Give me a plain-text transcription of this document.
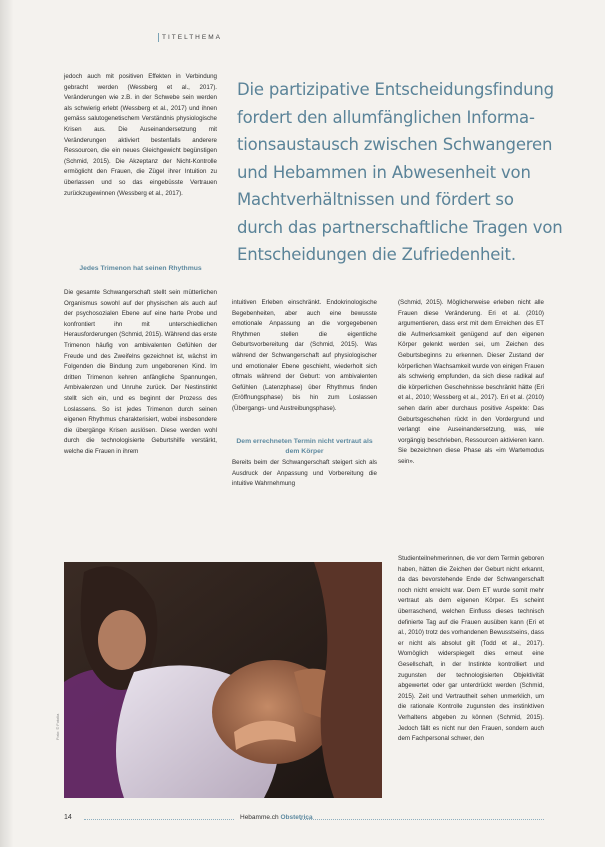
TITELTHEMA

jedoch auch mit positiven Effekten in Verbindung gebracht werden (Wessberg et al., 2017). Veränderungen wie z.B. in der Schwebe sein werden als schwierig erlebt (Wessberg et al., 2017) und ihnen gemäss salutogenetischem Verständnis physiologische Krisen aus. Die Auseinandersetzung mit Veränderungen aktiviert bestenfalls anderere Ressourcen, die ein neues Gleichgewicht begünstigen (Schmid, 2015). Die Akzeptanz der Nicht-Kontrolle ermöglicht den Frauen, die Zügel ihrer Intuition zu überlassen und so das eingebüsste Vertrauen zurückzugewinnen (Wessberg et al., 2017).

Die partizipative Entscheidungsfindung
fordert den allumfänglichen Informa-
tionsaustausch zwischen Schwangeren
und Hebammen in Abwesenheit von
Machtverhältnissen und fördert so
durch das partnerschaftliche Tragen von
Entscheidungen die Zufriedenheit.
Jedes Trimenon hat seinen Rhythmus

Die gesamte Schwangerschaft stellt sein mütterlichen Organismus sowohl auf der physischen als auch auf der psychosozialen Ebene auf eine harte Probe und konfrontiert ihn mit unterschiedlichen Herausforderungen (Schmid, 2015). Während das erste Trimenon häufig von ambivalenten Gefühlen der Freude und des Zweifelns gezeichnet ist, wächst im Folgenden die Bindung zum ungeborenen Kind. Im dritten Trimenon kehren anfängliche Spannungen, Ambivalenzen und Unruhe zurück. Der Nestinstinkt stellt sich ein, und es beginnt der Prozess des Loslassens. So ist jedes Trimenon durch seinen eigenen Rhythmus charakterisiert, wobei insbesondere die übergänge Krisen auslösen. Diese werden wohl durch die technologisierte Geburtshilfe verstärkt, welche die Frauen in ihrem

intuitiven Erleben einschränkt. Endokrinologische Begebenheiten, aber auch eine bewusste emotionale Anpassung an die vorgegebenen Rhythmen stellen die eigentliche Geburtsvorbereitung dar (Schmid, 2015). Was während der Schwangerschaft auf physiologischer und emotionaler Ebene geschieht, wiederholt sich oftmals während der Geburt: von ambivalenten Gefühlen (Latenzphase) über Rhythmus finden (Eröffnungsphase) bis hin zum Loslassen (Übergangs- und Austreibungsphase).

Dem errechneten Termin nicht vertraut als dem Körper

Bereits beim der Schwangerschaft steigert sich als Ausdruck der Anpassung und Vorbereitung die intuitive Wahrnehmung

(Schmid, 2015). Möglicherweise erleben nicht alle Frauen diese Veränderung. Eri et al. (2010) argumentieren, dass erst mit dem Erreichen des ET die Aufmerksamkeit genügend auf den eigenen Körper gelenkt werden sei, um Zeichen des Geburtsbeginns zu erkennen. Dieser Zustand der körperlichen Wachsamkeit wurde von einigen Frauen als schwierig empfunden, da sich diese radikal auf die körperlichen Geschehnisse beschränkt hätte (Eri et al., 2010; Wessberg et al., 2017). Eri et al. (2010) sehen darin aber durchaus positive Aspekte: Das Geburtsgeschehen rückt in den Vordergrund und verlangt eine Auseinandersetzung, was, wie vorgängig beschrieben, Ressourcen aktivieren kann. Sie bezeichnen diese Phase als «im Wartemodus sein».

Studienteilnehmerinnen, die vor dem Termin geboren haben, hätten die Zeichen der Geburt nicht erkannt, da das bevorstehende Ende der Schwangerschaft noch nicht erreicht war. Dem ET wurde somit mehr vertraut als dem eigenen Körper. Es scheint überraschend, welchen Einfluss dieses technisch definierte Tag auf die Frauen ausüben kann (Eri et al., 2010) trotz des vorhandenen Bewusstseins, dass er nicht als absolut gilt (Todd et al., 2017). Womöglich widerspiegelt dies erneut eine Gesellschaft, in der Instinkte kontrolliert und zugunsten der technologisierten Objektivität abgewertet oder gar unterdrückt werden (Schmid, 2015). Zeit und Vertrautheit sehen unmerklich, um die rationale Kontrolle zugunsten des instinktiven Verhaltens abgeben zu können (Schmid, 2015). Jedoch fällt es nicht nur den Frauen, sondern auch dem Fachpersonal schwer, den

Foto: © Fotolia
14	Hebamme.ch Obstetrica
